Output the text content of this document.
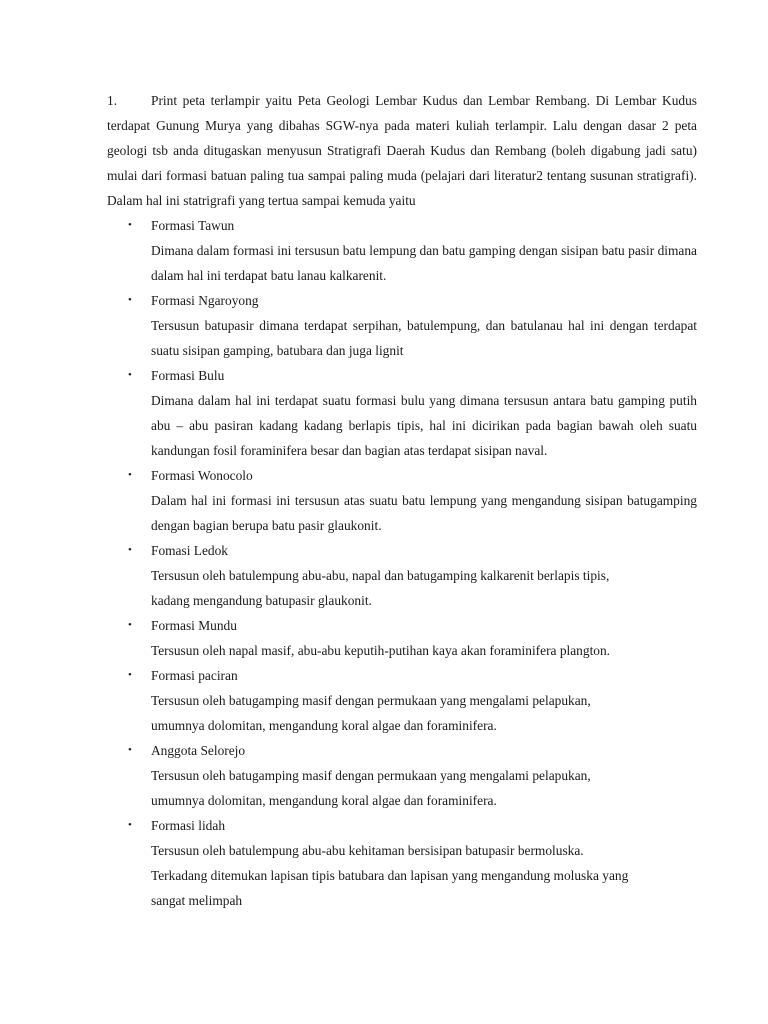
1.	Print peta terlampir yaitu Peta Geologi Lembar Kudus dan Lembar Rembang. Di Lembar Kudus

terdapat Gunung Murya yang dibahas SGW-nya pada materi kuliah terlampir. Lalu dengan dasar 2 peta geologi tsb anda ditugaskan menyusun Stratigrafi Daerah Kudus dan Rembang (boleh digabung jadi satu) mulai dari formasi batuan paling tua sampai paling muda (pelajari dari literatur2 tentang susunan stratigrafi). Dalam hal ini statrigrafi yang tertua sampai kemuda yaitu

•	Formasi Tawun

Dimana dalam formasi ini tersusun batu lempung dan batu gamping dengan sisipan batu pasir dimana dalam hal ini terdapat batu lanau kalkarenit.

•	Formasi Ngaroyong

Tersusun batupasir dimana terdapat serpihan, batulempung, dan batulanau hal ini dengan terdapat suatu sisipan gamping, batubara dan juga lignit

•	Formasi Bulu

Dimana dalam hal ini terdapat suatu formasi bulu yang dimana tersusun antara batu gamping putih abu – abu pasiran kadang kadang berlapis tipis, hal ini dicirikan pada bagian bawah oleh suatu kandungan fosil foraminifera besar dan bagian atas terdapat sisipan naval.

•	Formasi Wonocolo

Dalam hal ini formasi ini tersusun atas suatu batu lempung yang mengandung sisipan batugamping dengan bagian berupa batu pasir glaukonit.

•	Fomasi Ledok

Tersusun oleh batulempung abu-abu, napal dan batugamping kalkarenit berlapis tipis,
kadang mengandung batupasir glaukonit.

•	Formasi Mundu

Tersusun oleh napal masif, abu-abu keputih-putihan kaya akan foraminifera plangton.

•	Formasi paciran

Tersusun oleh batugamping masif dengan permukaan yang mengalami pelapukan,
umumnya dolomitan, mengandung koral algae dan foraminifera.

•	Anggota Selorejo

Tersusun oleh batugamping masif dengan permukaan yang mengalami pelapukan,
umumnya dolomitan, mengandung koral algae dan foraminifera.

•	Formasi lidah

Tersusun oleh batulempung abu-abu kehitaman bersisipan batupasir bermoluska.
Terkadang ditemukan lapisan tipis batubara dan lapisan yang mengandung moluska yang
sangat melimpah
